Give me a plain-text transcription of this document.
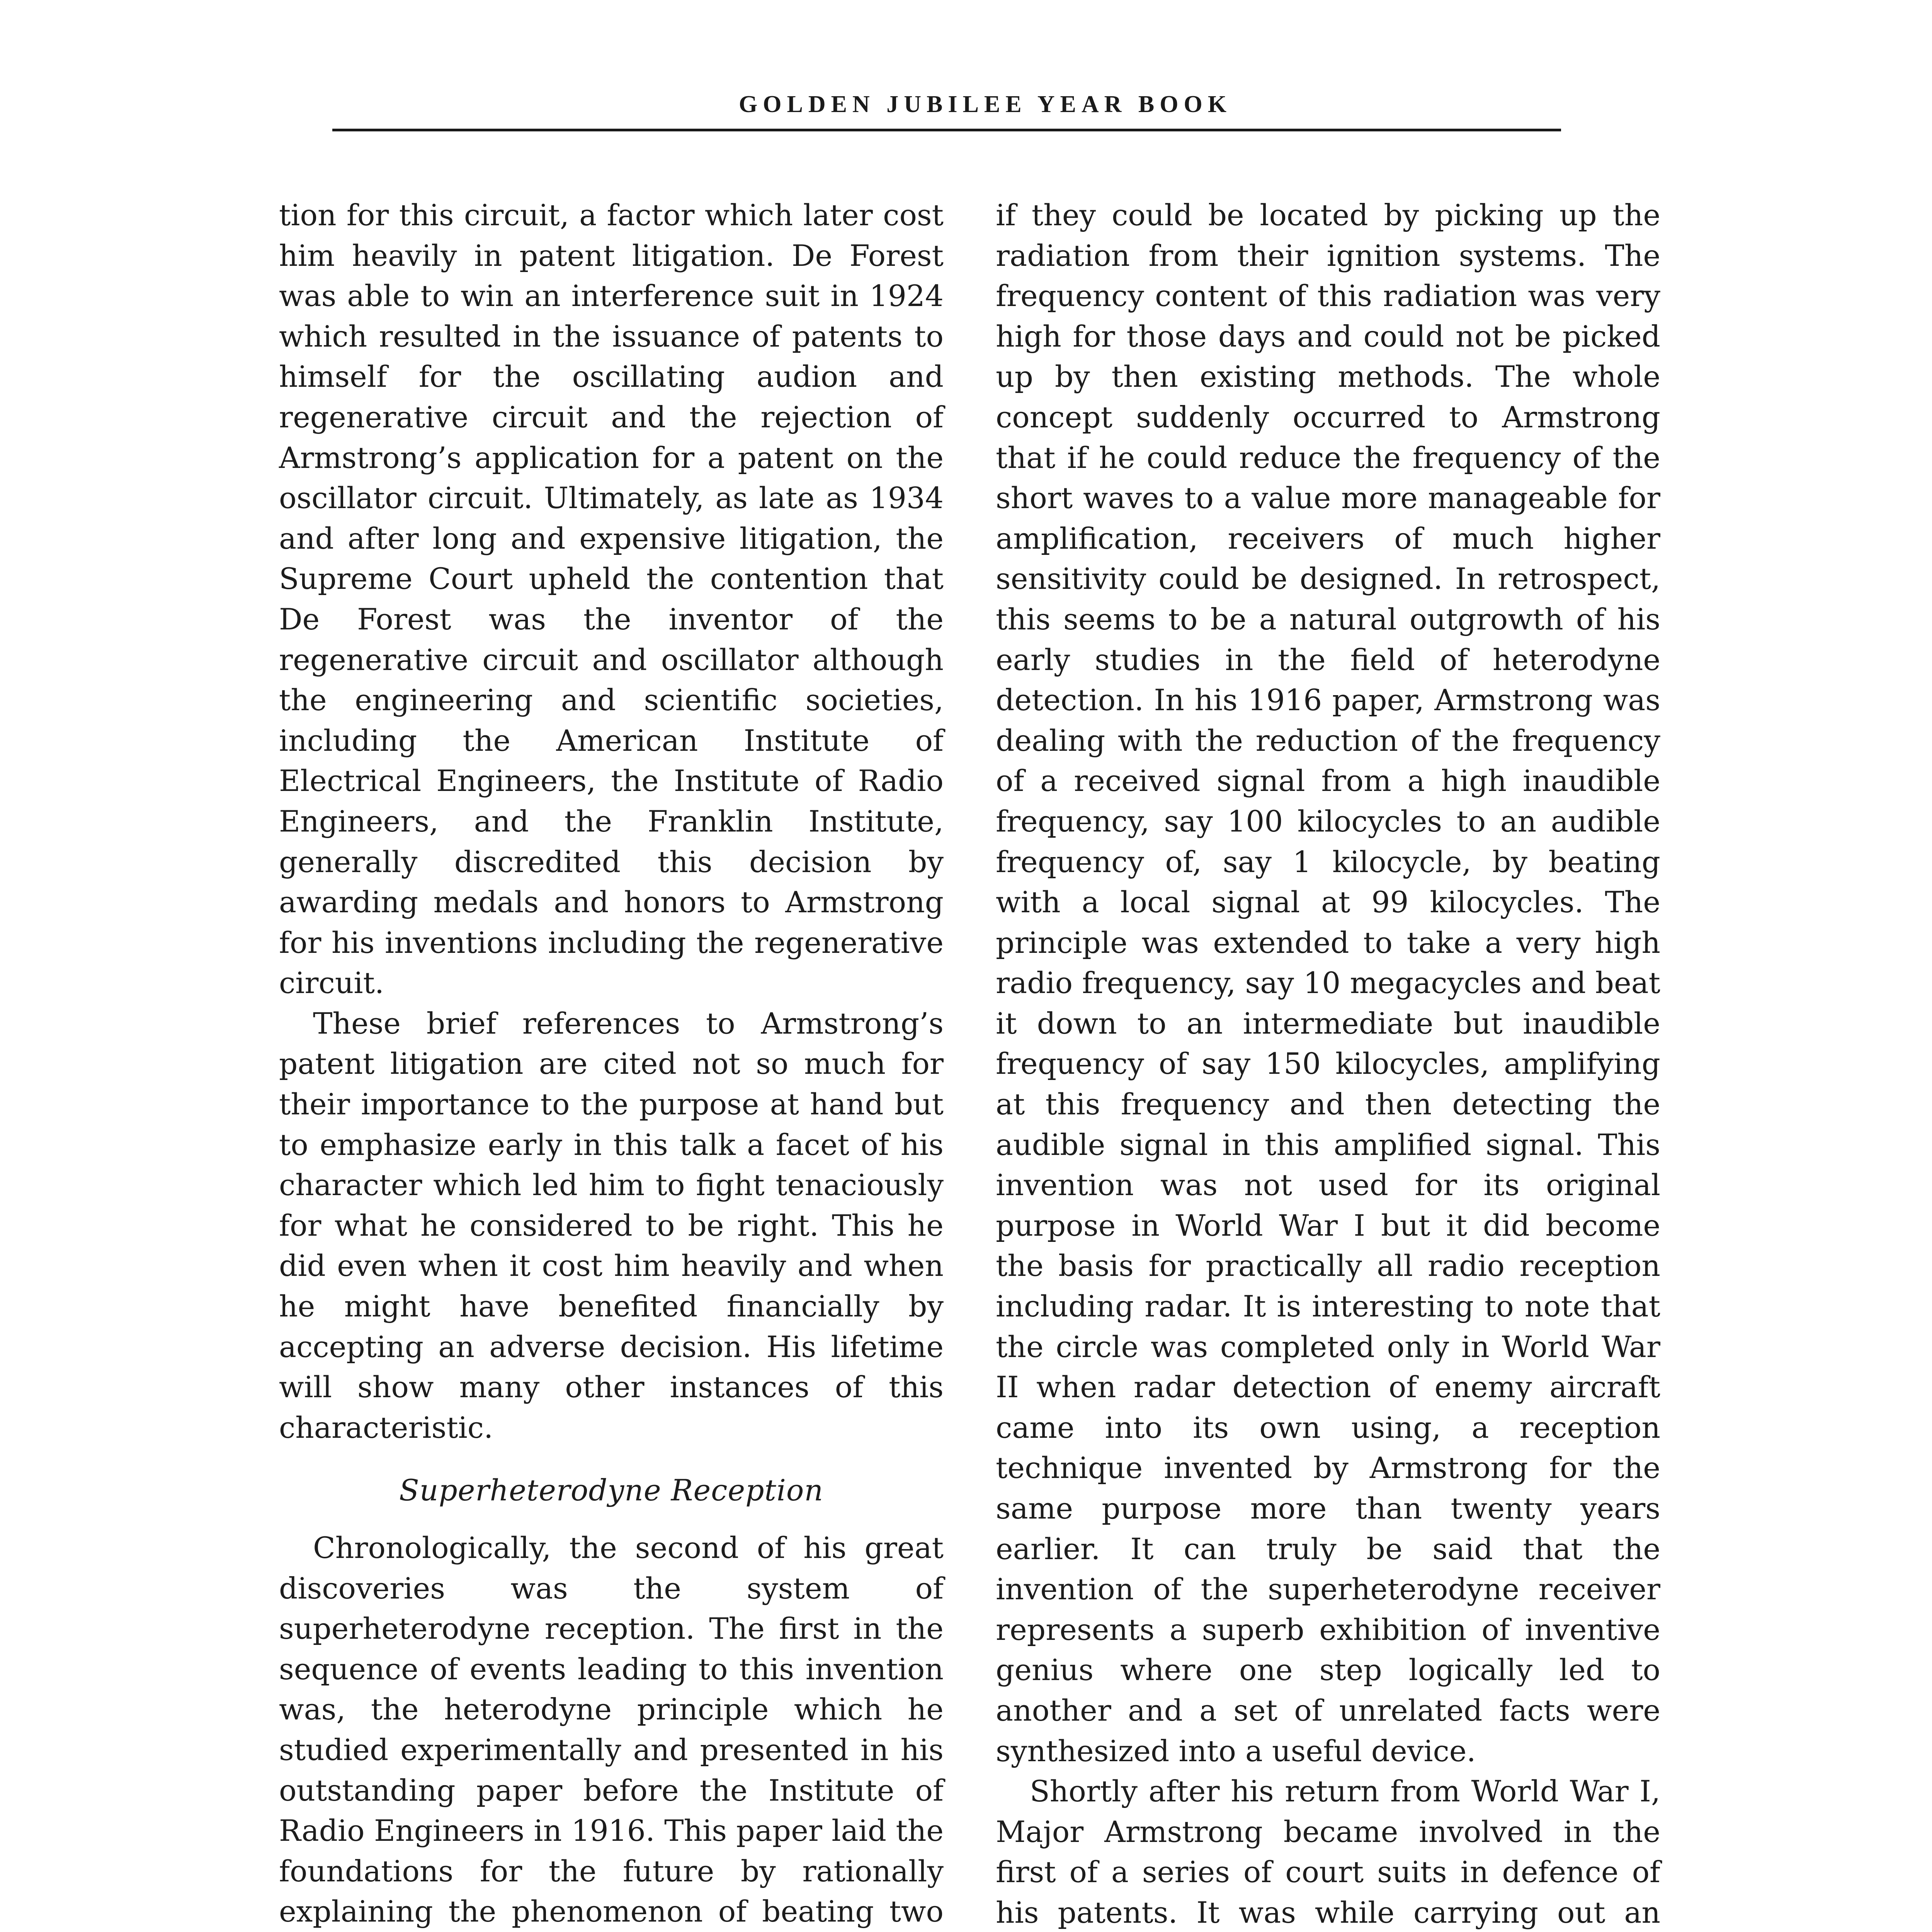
GOLDEN JUBILEE YEAR BOOK

tion for this circuit, a factor which later cost him heavily in patent litigation. De Forest was able to win an interference suit in 1924 which resulted in the issuance of patents to himself for the oscillating audion and regenerative circuit and the rejection of Armstrong’s application for a patent on the oscillator circuit. Ultimately, as late as 1934 and after long and expensive litigation, the Supreme Court upheld the contention that De Forest was the inventor of the regenerative circuit and oscillator although the engineering and scientific societies, including the American Institute of Electrical Engineers, the Institute of Radio Engineers, and the Franklin Institute, generally discredited this decision by awarding medals and honors to Armstrong for his inventions including the regenerative circuit.

These brief references to Armstrong’s patent litigation are cited not so much for their importance to the purpose at hand but to emphasize early in this talk a facet of his character which led him to fight tenaciously for what he considered to be right. This he did even when it cost him heavily and when he might have benefited financially by accepting an adverse decision. His lifetime will show many other instances of this characteristic.

Superheterodyne Reception

Chronologically, the second of his great discoveries was the system of superheterodyne reception. The first in the sequence of events leading to this invention was, the heterodyne principle which he studied experimentally and presented in his outstanding paper before the Institute of Radio Engineers in 1916. This paper laid the foundations for the future by rationally explaining the phenomenon of beating two

if they could be located by picking up the radiation from their ignition systems. The frequency content of this radiation was very high for those days and could not be picked up by then existing methods. The whole concept suddenly occurred to Armstrong that if he could reduce the frequency of the short waves to a value more manageable for amplification, receivers of much higher sensitivity could be designed. In retrospect, this seems to be a natural outgrowth of his early studies in the field of heterodyne detection. In his 1916 paper, Armstrong was dealing with the reduction of the frequency of a received signal from a high inaudible frequency, say 100 kilocycles to an audible frequency of, say 1 kilocycle, by beating with a local signal at 99 kilocycles. The principle was extended to take a very high radio frequency, say 10 megacycles and beat it down to an intermediate but inaudible frequency of say 150 kilocycles, amplifying at this frequency and then detecting the audible signal in this amplified signal. This invention was not used for its original purpose in World War I but it did become the basis for practically all radio reception including radar. It is interesting to note that the circle was completed only in World War II when radar detection of enemy aircraft came into its own using, a reception technique invented by Armstrong for the same purpose more than twenty years earlier. It can truly be said that the invention of the superheterodyne receiver represents a superb exhibition of inventive genius where one step logically led to another and a set of unrelated facts were synthesized into a useful device.

Shortly after his return from World War I, Major Armstrong became involved in the first of a series of court suits in defence of his patents. It was while carrying out an
